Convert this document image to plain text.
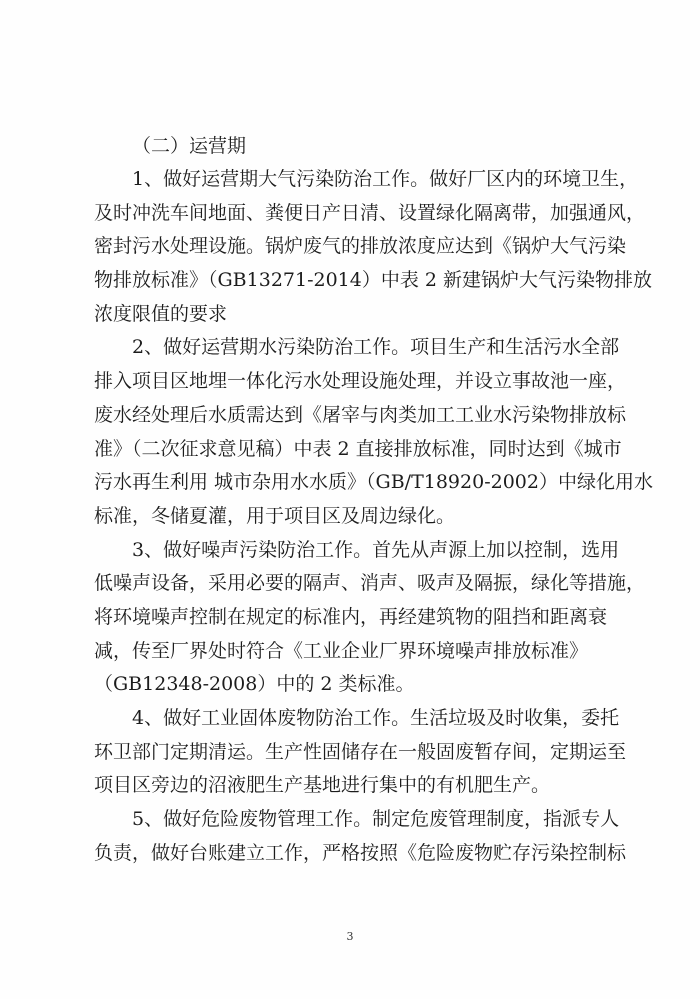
（二）运营期

1、做好运营期大气污染防治工作。做好厂区内的环境卫生，
及时冲洗车间地面、粪便日产日清、设置绿化隔离带，加强通风，
密封污水处理设施。锅炉废气的排放浓度应达到《锅炉大气污染
物排放标准》（GB13271-2014）中表 2 新建锅炉大气污染物排放
浓度限值的要求
2、做好运营期水污染防治工作。项目生产和生活污水全部
排入项目区地埋一体化污水处理设施处理，并设立事故池一座，
废水经处理后水质需达到《屠宰与肉类加工工业水污染物排放标
准》（二次征求意见稿）中表 2 直接排放标准，同时达到《城市
污水再生利用 城市杂用水水质》（GB/T18920-2002）中绿化用水
标准，冬储夏灌，用于项目区及周边绿化。
3、做好噪声污染防治工作。首先从声源上加以控制，选用
低噪声设备，采用必要的隔声、消声、吸声及隔振，绿化等措施，
将环境噪声控制在规定的标准内，再经建筑物的阻挡和距离衰
减，传至厂界处时符合《工业企业厂界环境噪声排放标准》
（GB12348-2008）中的 2 类标准。
4、做好工业固体废物防治工作。生活垃圾及时收集，委托
环卫部门定期清运。生产性固储存在一般固废暂存间，定期运至
项目区旁边的沼液肥生产基地进行集中的有机肥生产。
5、做好危险废物管理工作。制定危废管理制度，指派专人
负责，做好台账建立工作，严格按照《危险废物贮存污染控制标
3
